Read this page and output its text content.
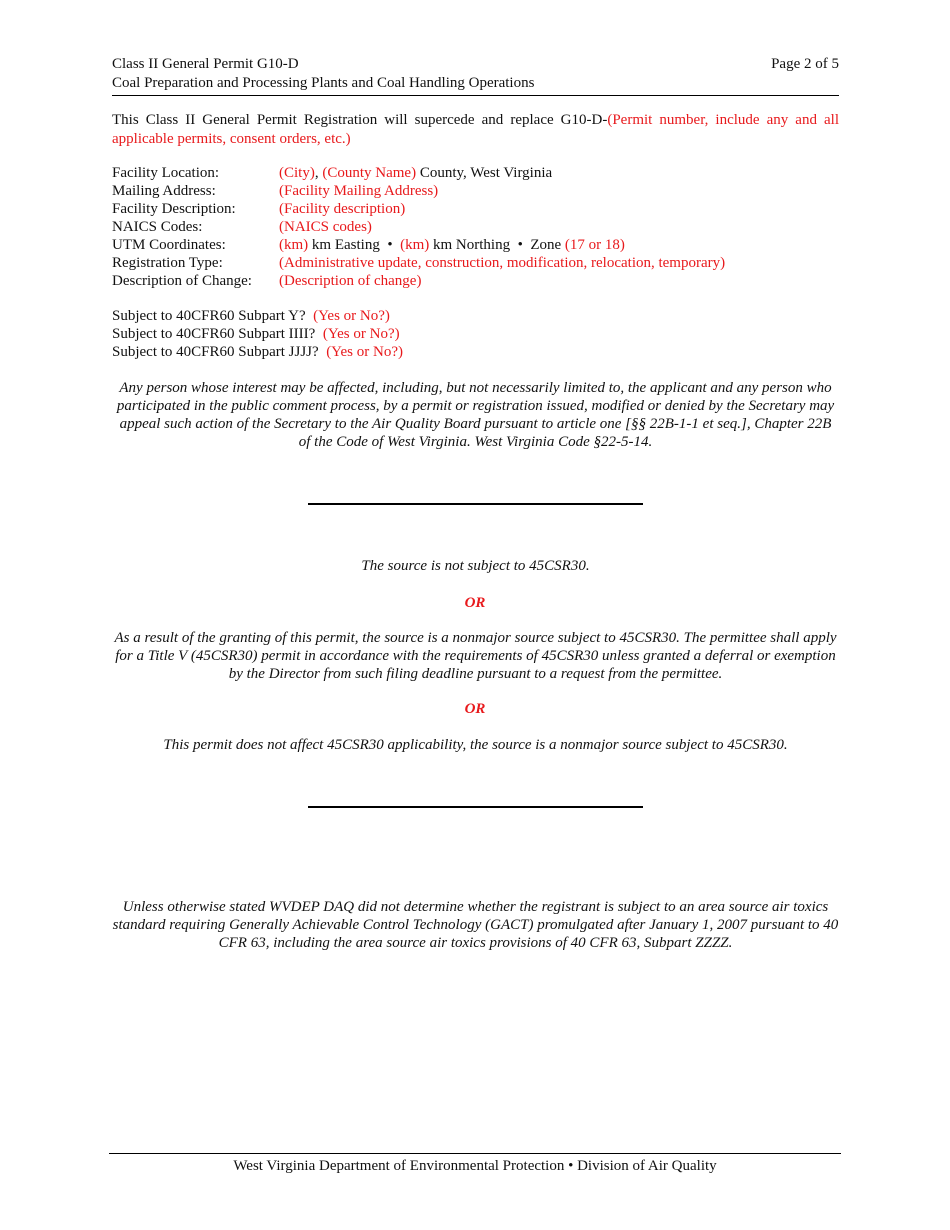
Class II General Permit G10-D	Page 2 of 5
Coal Preparation and Processing Plants and Coal Handling Operations
This Class II General Permit Registration will supercede and replace G10-D-(Permit number, include any and all applicable permits, consent orders, etc.)
Facility Location:	(City), (County Name) County, West Virginia
Mailing Address:	(Facility Mailing Address)
Facility Description:	(Facility description)
NAICS Codes:	(NAICS codes)
UTM Coordinates:	(km) km Easting  •  (km) km Northing  •  Zone (17 or 18)
Registration Type:	(Administrative update, construction, modification, relocation, temporary)
Description of Change:	(Description of change)
Subject to 40CFR60 Subpart Y? (Yes or No?)
Subject to 40CFR60 Subpart IIII? (Yes or No?)
Subject to 40CFR60 Subpart JJJJ? (Yes or No?)
Any person whose interest may be affected, including, but not necessarily limited to, the applicant and any person who participated in the public comment process, by a permit or registration issued, modified or denied by the Secretary may appeal such action of the Secretary to the Air Quality Board pursuant to article one [§§ 22B-1-1 et seq.], Chapter 22B of the Code of West Virginia. West Virginia Code §22-5-14.
The source is not subject to 45CSR30.
OR
As a result of the granting of this permit, the source is a nonmajor source subject to 45CSR30. The permittee shall apply for a Title V (45CSR30) permit in accordance with the requirements of 45CSR30 unless granted a deferral or exemption by the Director from such filing deadline pursuant to a request from the permittee.
OR
This permit does not affect 45CSR30 applicability, the source is a nonmajor source subject to 45CSR30.
Unless otherwise stated WVDEP DAQ did not determine whether the registrant is subject to an area source air toxics standard requiring Generally Achievable Control Technology (GACT) promulgated after January 1, 2007 pursuant to 40 CFR 63, including the area source air toxics provisions of 40 CFR 63, Subpart ZZZZ.
West Virginia Department of Environmental Protection • Division of Air Quality
